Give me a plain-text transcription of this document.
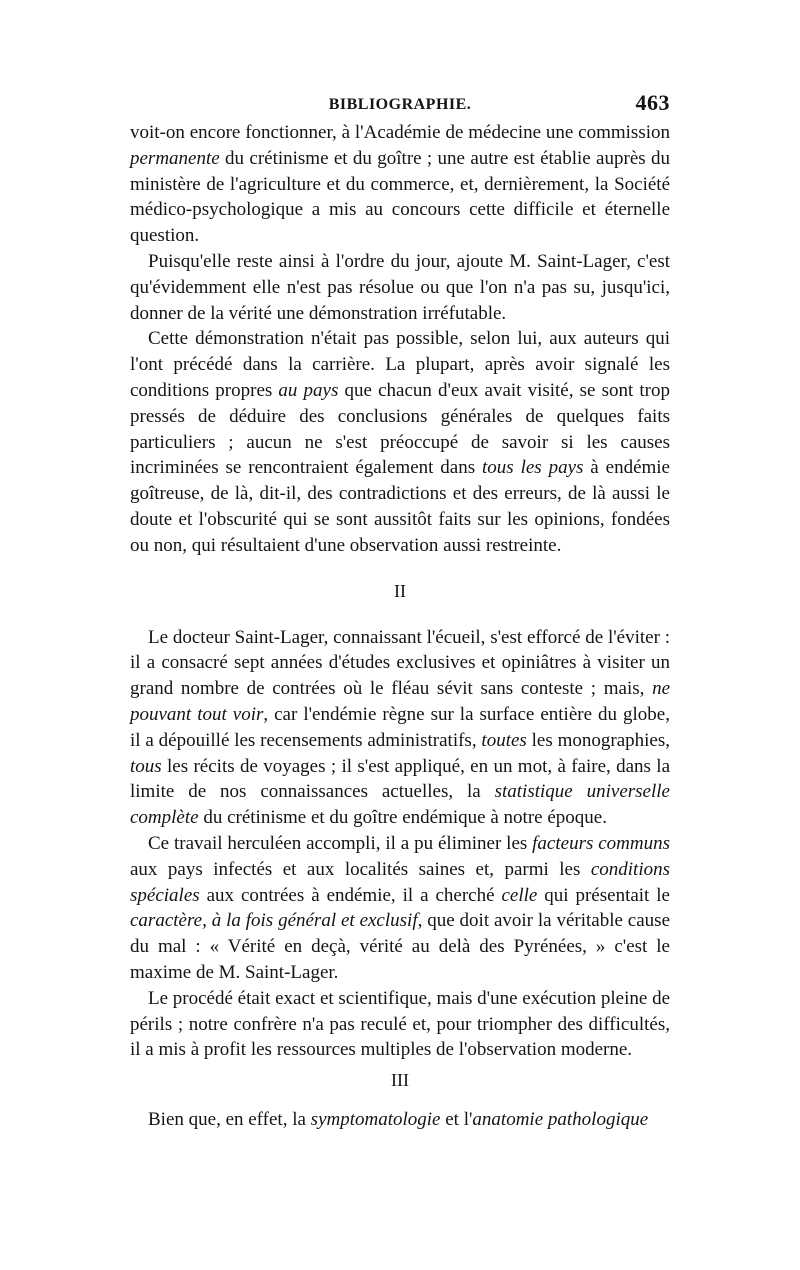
BIBLIOGRAPHIE.	463

voit-on encore fonctionner, à l'Académie de médecine une commission permanente du crétinisme et du goître ; une autre est établie auprès du ministère de l'agriculture et du commerce, et, dernièrement, la Société médico-psychologique a mis au concours cette difficile et éternelle question.

Puisqu'elle reste ainsi à l'ordre du jour, ajoute M. Saint-Lager, c'est qu'évidemment elle n'est pas résolue ou que l'on n'a pas su, jusqu'ici, donner de la vérité une démonstration irréfutable.

Cette démonstration n'était pas possible, selon lui, aux auteurs qui l'ont précédé dans la carrière. La plupart, après avoir signalé les conditions propres au pays que chacun d'eux avait visité, se sont trop pressés de déduire des conclusions générales de quelques faits particuliers ; aucun ne s'est préoccupé de savoir si les causes incriminées se rencontraient également dans tous les pays à endémie goîtreuse, de là, dit-il, des contradictions et des erreurs, de là aussi le doute et l'obscurité qui se sont aussitôt faits sur les opinions, fondées ou non, qui résultaient d'une observation aussi restreinte.

II

Le docteur Saint-Lager, connaissant l'écueil, s'est efforcé de l'éviter : il a consacré sept années d'études exclusives et opiniâtres à visiter un grand nombre de contrées où le fléau sévit sans conteste ; mais, ne pouvant tout voir, car l'endémie règne sur la surface entière du globe, il a dépouillé les recensements administratifs, toutes les monographies, tous les récits de voyages ; il s'est appliqué, en un mot, à faire, dans la limite de nos connaissances actuelles, la statistique universelle complète du crétinisme et du goître endémique à notre époque.

Ce travail herculéen accompli, il a pu éliminer les facteurs communs aux pays infectés et aux localités saines et, parmi les conditions spéciales aux contrées à endémie, il a cherché celle qui présentait le caractère, à la fois général et exclusif, que doit avoir la véritable cause du mal : « Vérité en deçà, vérité au delà des Pyrénées, » c'est le maxime de M. Saint-Lager.

Le procédé était exact et scientifique, mais d'une exécution pleine de périls ; notre confrère n'a pas reculé et, pour triompher des difficultés, il a mis à profit les ressources multiples de l'observation moderne.

III

Bien que, en effet, la symptomatologie et l'anatomie pathologique
